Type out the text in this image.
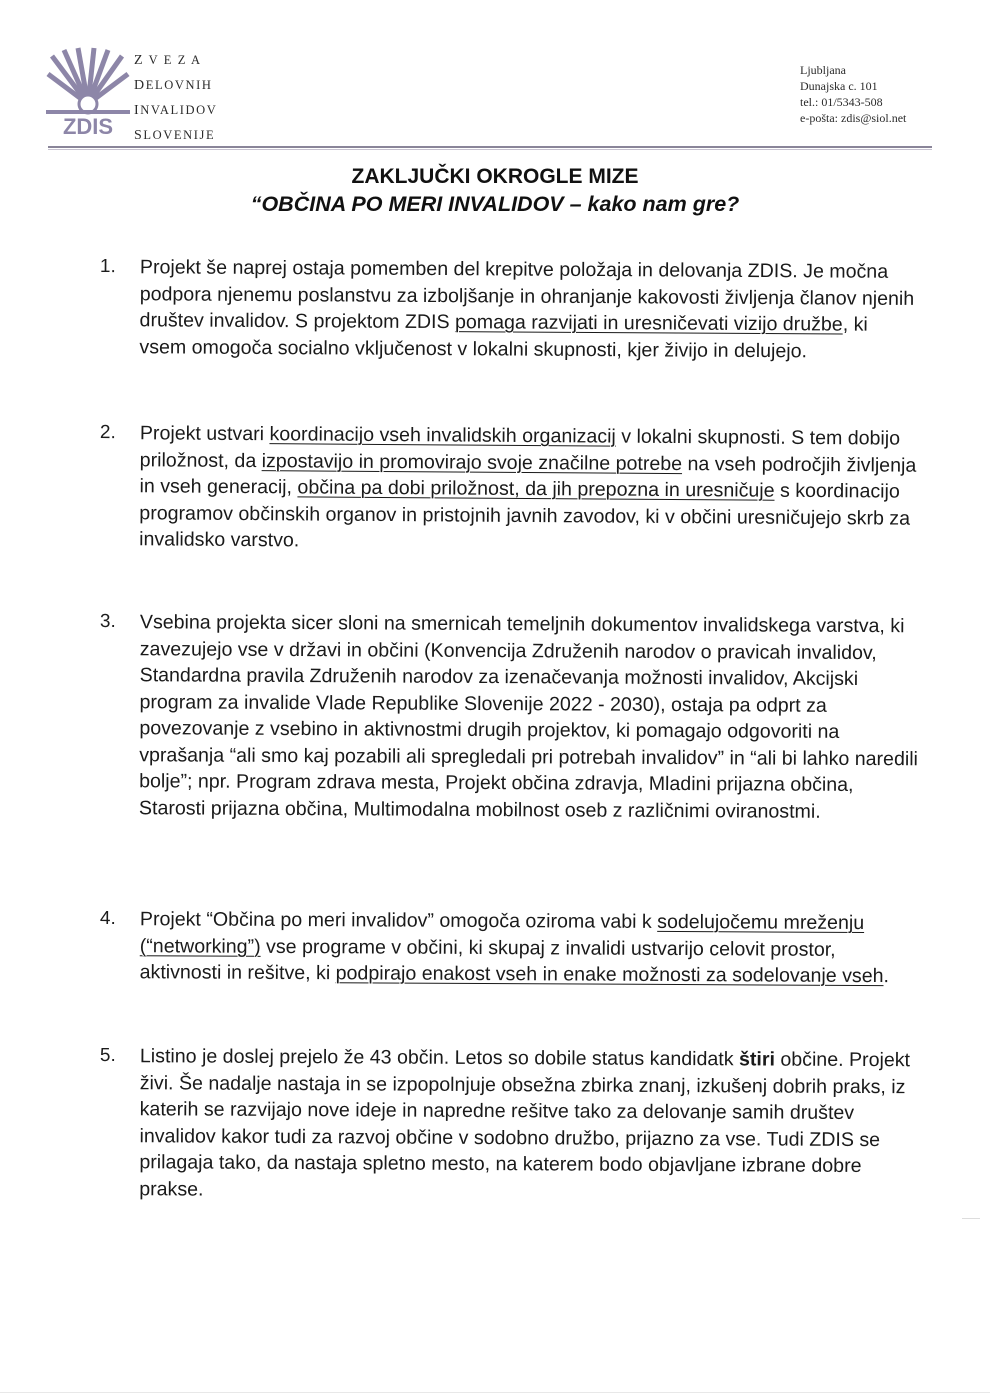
ZDIS
Z V E Z A
DELOVNIH
INVALIDOV
SLOVENIJE
Ljubljana
Dunajska c. 101
tel.: 01/5343-508
e-pošta: zdis@siol.net
ZAKLJUČKI OKROGLE MIZE
“OBČINA PO MERI INVALIDOV – kako nam gre?
1.	Projekt še naprej ostaja pomemben del krepitve položaja in delovanja ZDIS. Je močna podpora njenemu poslanstvu za izboljšanje in ohranjanje kakovosti življenja članov njenih društev invalidov. S projektom ZDIS pomaga razvijati in uresničevati vizijo družbe, ki vsem omogoča socialno vključenost v lokalni skupnosti, kjer živijo in delujejo.
2.	Projekt ustvari koordinacijo vseh invalidskih organizacij v lokalni skupnosti. S tem dobijo priložnost, da izpostavijo in promovirajo svoje značilne potrebe na vseh področjih življenja in vseh generacij, občina pa dobi priložnost, da jih prepozna in uresničuje s koordinacijo programov občinskih organov in pristojnih javnih zavodov, ki v občini uresničujejo skrb za invalidsko varstvo.
3.	Vsebina projekta sicer sloni na smernicah temeljnih dokumentov invalidskega varstva, ki zavezujejo vse v državi in občini (Konvencija Združenih narodov o pravicah invalidov, Standardna pravila Združenih narodov za izenačevanja možnosti invalidov, Akcijski program za invalide Vlade Republike Slovenije 2022 - 2030), ostaja pa odprt za povezovanje z vsebino in aktivnostmi drugih projektov, ki pomagajo odgovoriti na vprašanja “ali smo kaj pozabili ali spregledali pri potrebah invalidov” in “ali bi lahko naredili bolje”; npr. Program zdrava mesta, Projekt občina zdravja, Mladini prijazna občina, Starosti prijazna občina, Multimodalna mobilnost oseb z različnimi oviranostmi.
4.	Projekt “Občina po meri invalidov” omogoča oziroma vabi k sodelujočemu mreženju (“networking”) vse programe v občini, ki skupaj z invalidi ustvarijo celovit prostor, aktivnosti in rešitve, ki podpirajo enakost vseh in enake možnosti za sodelovanje vseh.
5.	Listino je doslej prejelo že 43 občin. Letos so dobile status kandidatk štiri občine. Projekt živi. Še nadalje nastaja in se izpopolnjuje obsežna zbirka znanj, izkušenj dobrih praks, iz katerih se razvijajo nove ideje in napredne rešitve tako za delovanje samih društev invalidov kakor tudi za razvoj občine v sodobno družbo, prijazno za vse. Tudi ZDIS se prilagaja tako, da nastaja spletno mesto, na katerem bodo objavljane izbrane dobre prakse.
